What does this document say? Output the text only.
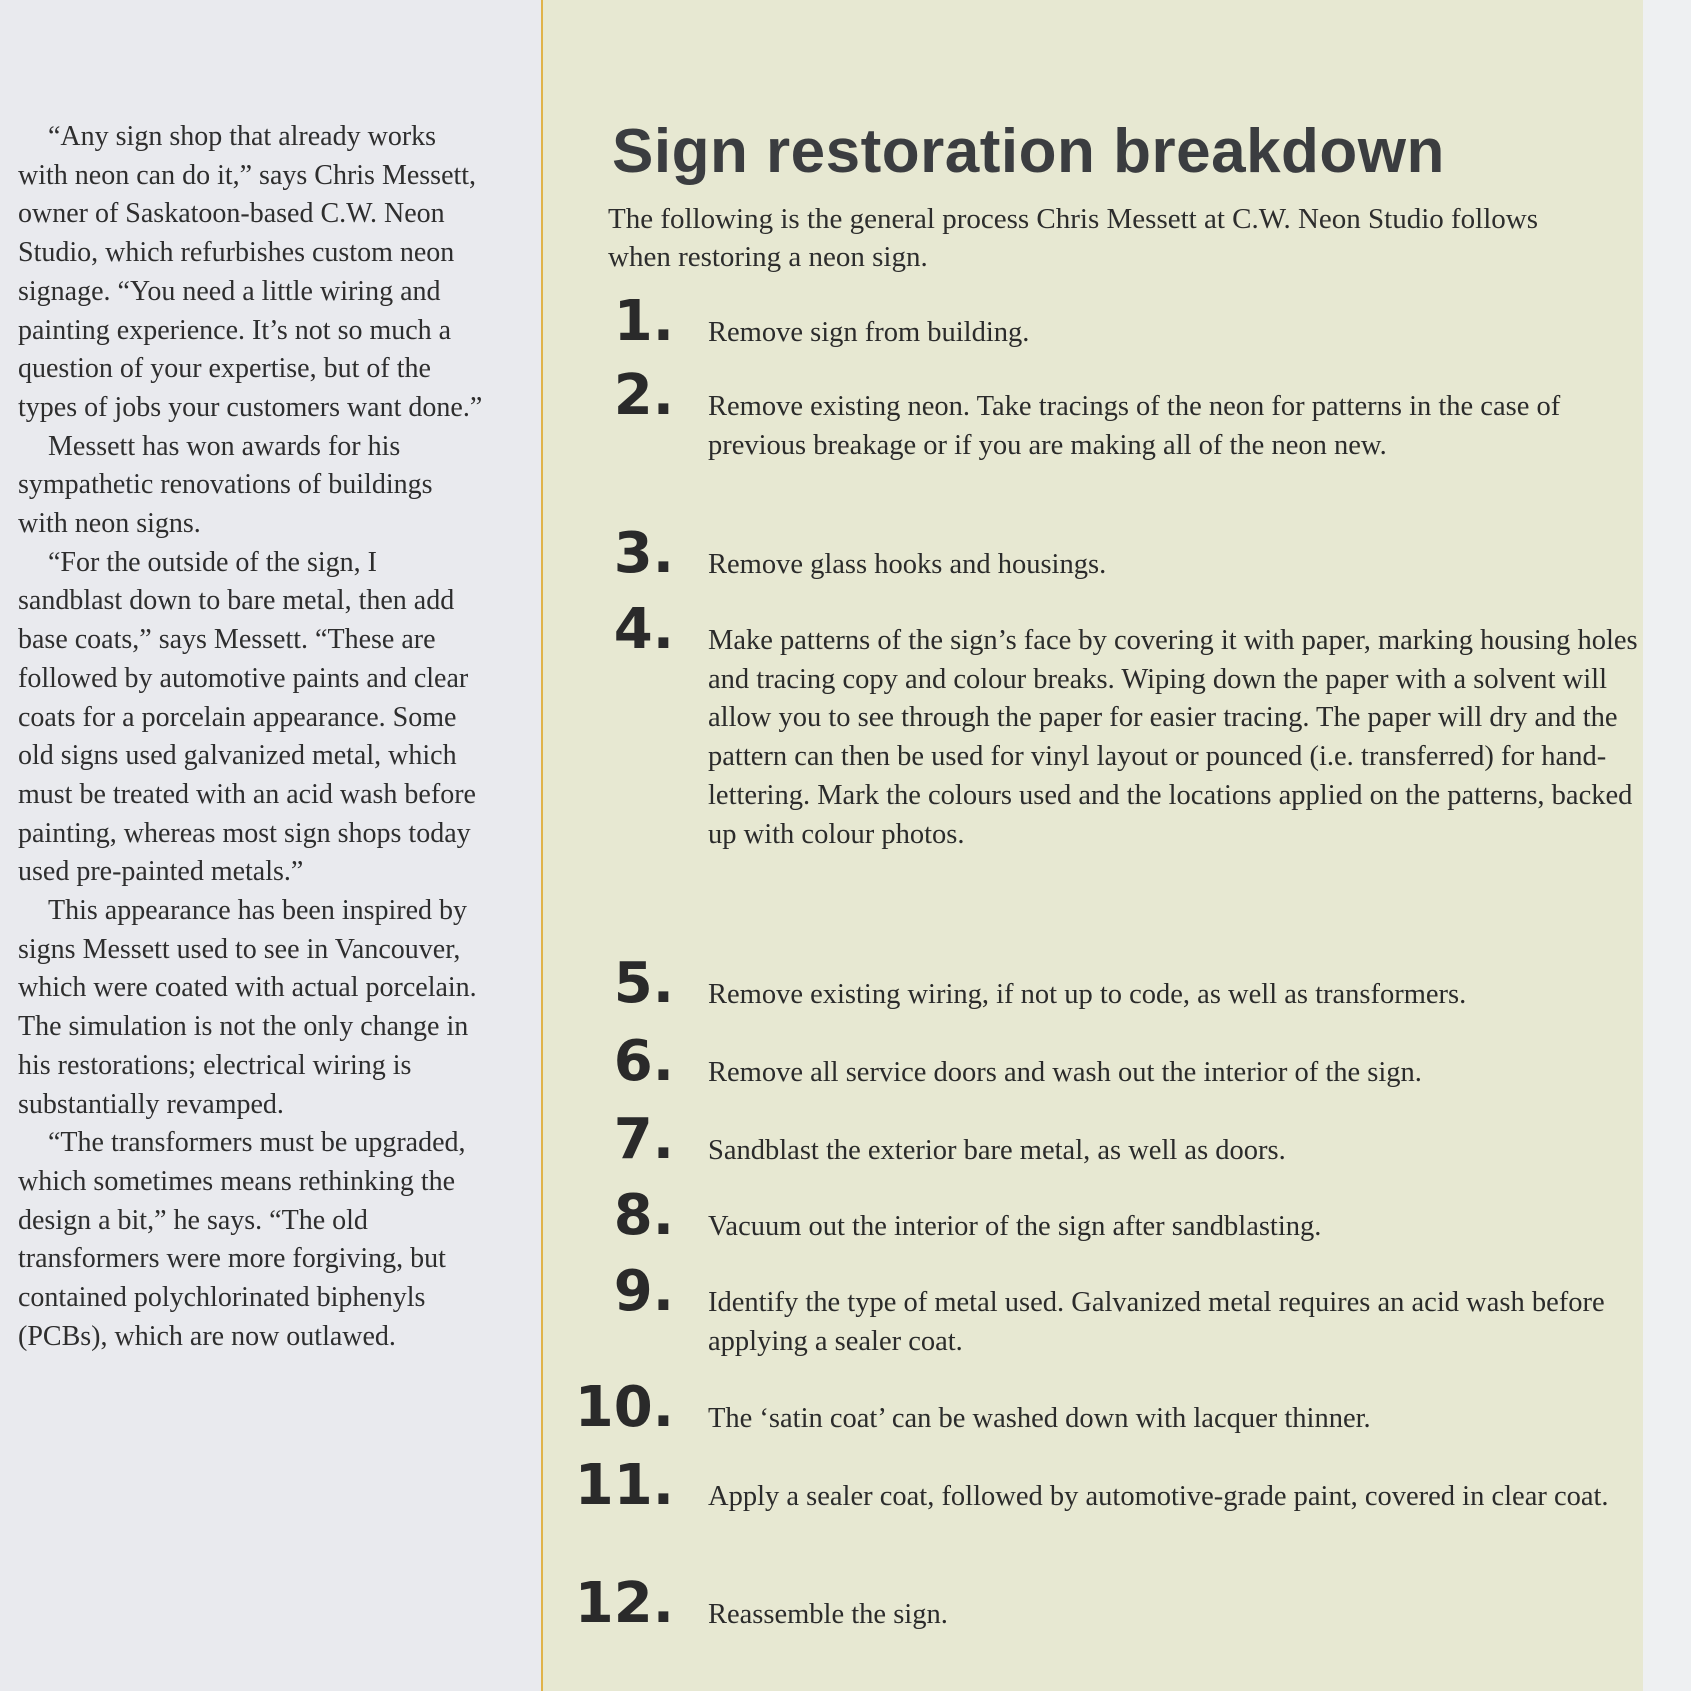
“Any sign shop that already works with neon can do it,” says Chris Messett, owner of Saskatoon-based C.W. Neon Studio, which refurbishes custom neon signage. “You need a little wiring and painting experience. It’s not so much a question of your expertise, but of the types of jobs your customers want done.”

Messett has won awards for his sympathetic renovations of buildings with neon signs.

“For the outside of the sign, I sandblast down to bare metal, then add base coats,” says Messett. “These are followed by automotive paints and clear coats for a porcelain appearance. Some old signs used galvanized metal, which must be treated with an acid wash before painting, whereas most sign shops today used pre-painted metals.”

This appearance has been inspired by signs Messett used to see in Vancouver, which were coated with actual porcelain. The simulation is not the only change in his restorations; electrical wiring is substantially revamped.

“The transformers must be upgraded, which sometimes means rethinking the design a bit,” he says. “The old transformers were more forgiving, but contained polychlorinated biphenyls (PCBs), which are now outlawed.

Sign restoration breakdown

The following is the general process Chris Messett at C.W. Neon Studio follows when restoring a neon sign.

1. Remove sign from building.

2. Remove existing neon. Take tracings of the neon for patterns in the case of previous breakage or if you are making all of the neon new.

3. Remove glass hooks and housings.

4. Make patterns of the sign’s face by covering it with paper, marking housing holes and tracing copy and colour breaks. Wiping down the paper with a solvent will allow you to see through the paper for easier tracing. The paper will dry and the pattern can then be used for vinyl layout or pounced (i.e. transferred) for hand-lettering. Mark the colours used and the locations applied on the patterns, backed up with colour photos.

5. Remove existing wiring, if not up to code, as well as transformers.

6. Remove all service doors and wash out the interior of the sign.

7. Sandblast the exterior bare metal, as well as doors.

8. Vacuum out the interior of the sign after sandblasting.

9. Identify the type of metal used. Galvanized metal requires an acid wash before applying a sealer coat.

10. The ‘satin coat’ can be washed down with lacquer thinner.

11. Apply a sealer coat, followed by automotive-grade paint, covered in clear coat.

12. Reassemble the sign.
